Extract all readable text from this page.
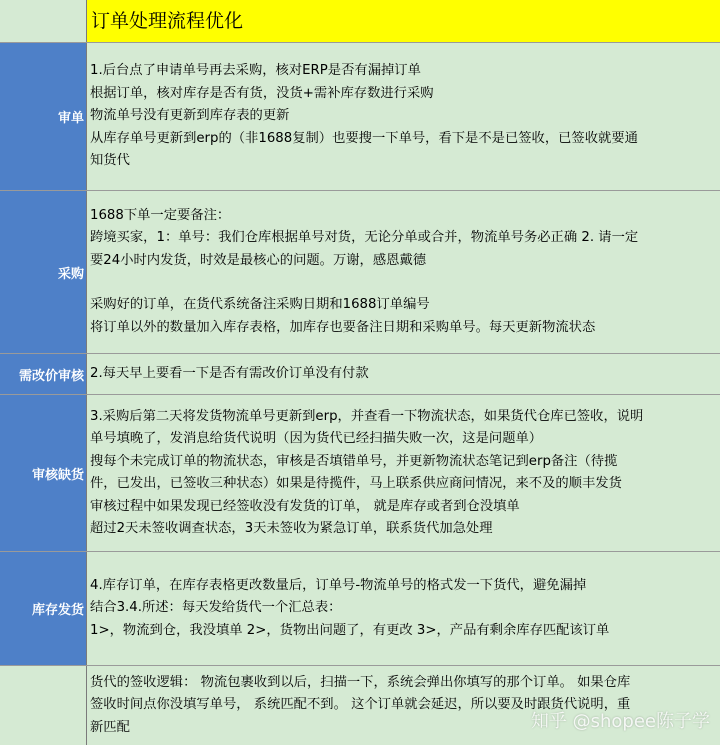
订单处理流程优化
审单
1.后台点了申请单号再去采购，核对ERP是否有漏掉订单
根据订单，核对库存是否有货，没货+需补库存数进行采购
物流单号没有更新到库存表的更新
从库存单号更新到erp的（非1688复制）也要搜一下单号，看下是不是已签收，已签收就要通
知货代
采购
1688下单一定要备注：
跨境买家，1：单号：我们仓库根据单号对货，无论分单或合并，物流单号务必正确 2. 请一定
要24小时内发货，时效是最核心的问题。万谢，感恩戴德
采购好的订单，在货代系统备注采购日期和1688订单编号
将订单以外的数量加入库存表格，加库存也要备注日期和采购单号。每天更新物流状态
需改价审核 2.每天早上要看一下是否有需改价订单没有付款
审核缺货
3.采购后第二天将发货物流单号更新到erp，并查看一下物流状态，如果货代仓库已签收，说明
单号填晚了，发消息给货代说明（因为货代已经扫描失败一次，这是问题单）
搜每个未完成订单的物流状态，审核是否填错单号，并更新物流状态笔记到erp备注（待揽
件，已发出，已签收三种状态）如果是待揽件，马上联系供应商问情况，来不及的顺丰发货
审核过程中如果发现已经签收没有发货的订单， 就是库存或者到仓没填单
超过2天未签收调查状态，3天未签收为紧急订单，联系货代加急处理
库存发货
4.库存订单，在库存表格更改数量后，订单号-物流单号的格式发一下货代，避免漏掉
结合3.4.所述：每天发给货代一个汇总表：
1>，物流到仓，我没填单 2>，货物出问题了，有更改 3>，产品有剩余库存匹配该订单
货代的签收逻辑： 物流包裹收到以后，扫描一下，系统会弹出你填写的那个订单。 如果仓库
签收时间点你没填写单号， 系统匹配不到。 这个订单就会延迟，所以要及时跟货代说明，重
新匹配	知乎 @shopee陈子学
